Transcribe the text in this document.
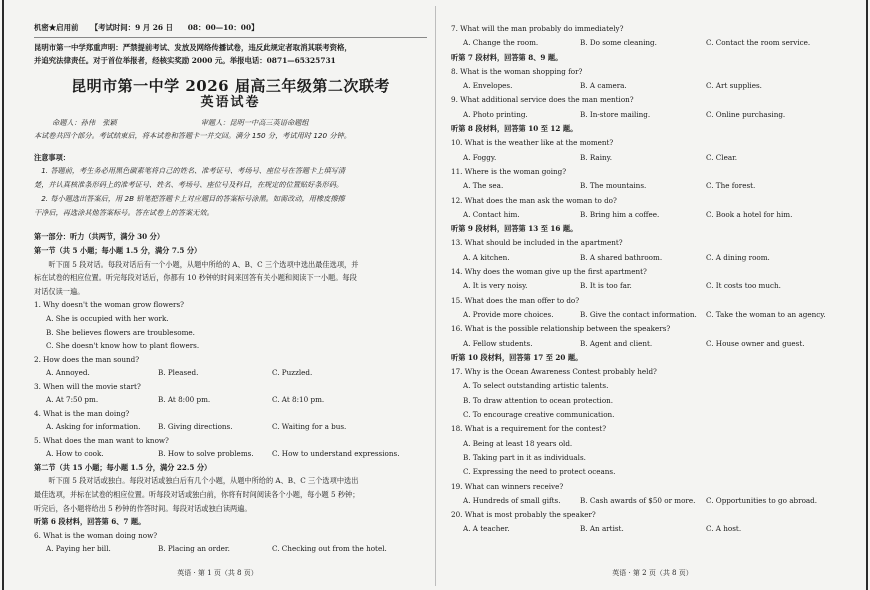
机密★启用前 【考试时间：9 月 26 日　　08：00—10：00】
昆明市第一中学郑重声明：严禁提前考试、发放及网络传播试卷，违反此规定者取消其联考资格，
并追究法律责任。对于首位举报者，经核实奖励 2000 元。举报电话：0871—65325731
昆明市第一中学 2026 届高三年级第二次联考
英语试卷
命题人：孙伟　张颖	审题人：昆明一中高三英语命题组
本试卷共四个部分。考试结束后，将本试卷和答题卡一并交回。满分 150 分，考试用时 120 分钟。
注意事项：
　1. 答题前，考生务必用黑色碳素笔将自己的姓名、准考证号、考场号、座位号在答题卡上填写清
楚，并认真核准条形码上的准考证号、姓名、考场号、座位号及科目，在规定的位置贴好条形码。
　2. 每小题选出答案后，用 2B 铅笔把答题卡上对应题目的答案标号涂黑。如需改动，用橡皮擦擦
干净后，再选涂其他答案标号。答在试卷上的答案无效。
第一部分：听力（共两节，满分 30 分）
第一节（共 5 小题；每小题 1.5 分，满分 7.5 分）
　　听下面 5 段对话。每段对话后有一个小题，从题中所给的 A、B、C 三个选项中选出最佳选项，并
标在试卷的相应位置。听完每段对话后，你都有 10 秒钟的时间来回答有关小题和阅读下一小题。每段
对话仅读一遍。
1. Why doesn't the woman grow flowers?
A. She is occupied with her work.
B. She believes flowers are troublesome.
C. She doesn't know how to plant flowers.
2. How does the man sound?
A. Annoyed.	B. Pleased.	C. Puzzled.
3. When will the movie start?
A. At 7:50 pm.	B. At 8:00 pm.	C. At 8:10 pm.
4. What is the man doing?
A. Asking for information.	B. Giving directions.	C. Waiting for a bus.
5. What does the man want to know?
A. How to cook.	B. How to solve problems.	C. How to understand expressions.
第二节（共 15 小题；每小题 1.5 分，满分 22.5 分）
　　听下面 5 段对话或独白。每段对话或独白后有几个小题，从题中所给的 A、B、C 三个选项中选出
最佳选项，并标在试卷的相应位置。听每段对话或独白前，你将有时间阅读各个小题，每小题 5 秒钟；
听完后，各小题将给出 5 秒钟的作答时间。每段对话或独白读两遍。
听第 6 段材料，回答第 6、7 题。
6. What is the woman doing now?
A. Paying her bill.	B. Placing an order.	C. Checking out from the hotel.
英语 · 第 1 页（共 8 页）
7. What will the man probably do immediately?
A. Change the room.	B. Do some cleaning.	C. Contact the room service.
听第 7 段材料，回答第 8、9 题。
8. What is the woman shopping for?
A. Envelopes.	B. A camera.	C. Art supplies.
9. What additional service does the man mention?
A. Photo printing.	B. In-store mailing.	C. Online purchasing.
听第 8 段材料，回答第 10 至 12 题。
10. What is the weather like at the moment?
A. Foggy.	B. Rainy.	C. Clear.
11. Where is the woman going?
A. The sea.	B. The mountains.	C. The forest.
12. What does the man ask the woman to do?
A. Contact him.	B. Bring him a coffee.	C. Book a hotel for him.
听第 9 段材料，回答第 13 至 16 题。
13. What should be included in the apartment?
A. A kitchen.	B. A shared bathroom.	C. A dining room.
14. Why does the woman give up the first apartment?
A. It is very noisy.	B. It is too far.	C. It costs too much.
15. What does the man offer to do?
A. Provide more choices.	B. Give the contact information.	C. Take the woman to an agency.
16. What is the possible relationship between the speakers?
A. Fellow students.	B. Agent and client.	C. House owner and guest.
听第 10 段材料，回答第 17 至 20 题。
17. Why is the Ocean Awareness Contest probably held?
A. To select outstanding artistic talents.
B. To draw attention to ocean protection.
C. To encourage creative communication.
18. What is a requirement for the contest?
A. Being at least 18 years old.
B. Taking part in it as individuals.
C. Expressing the need to protect oceans.
19. What can winners receive?
A. Hundreds of small gifts.	B. Cash awards of $50 or more.	C. Opportunities to go abroad.
20. What is most probably the speaker?
A. A teacher.	B. An artist.	C. A host.
英语 · 第 2 页（共 8 页）
